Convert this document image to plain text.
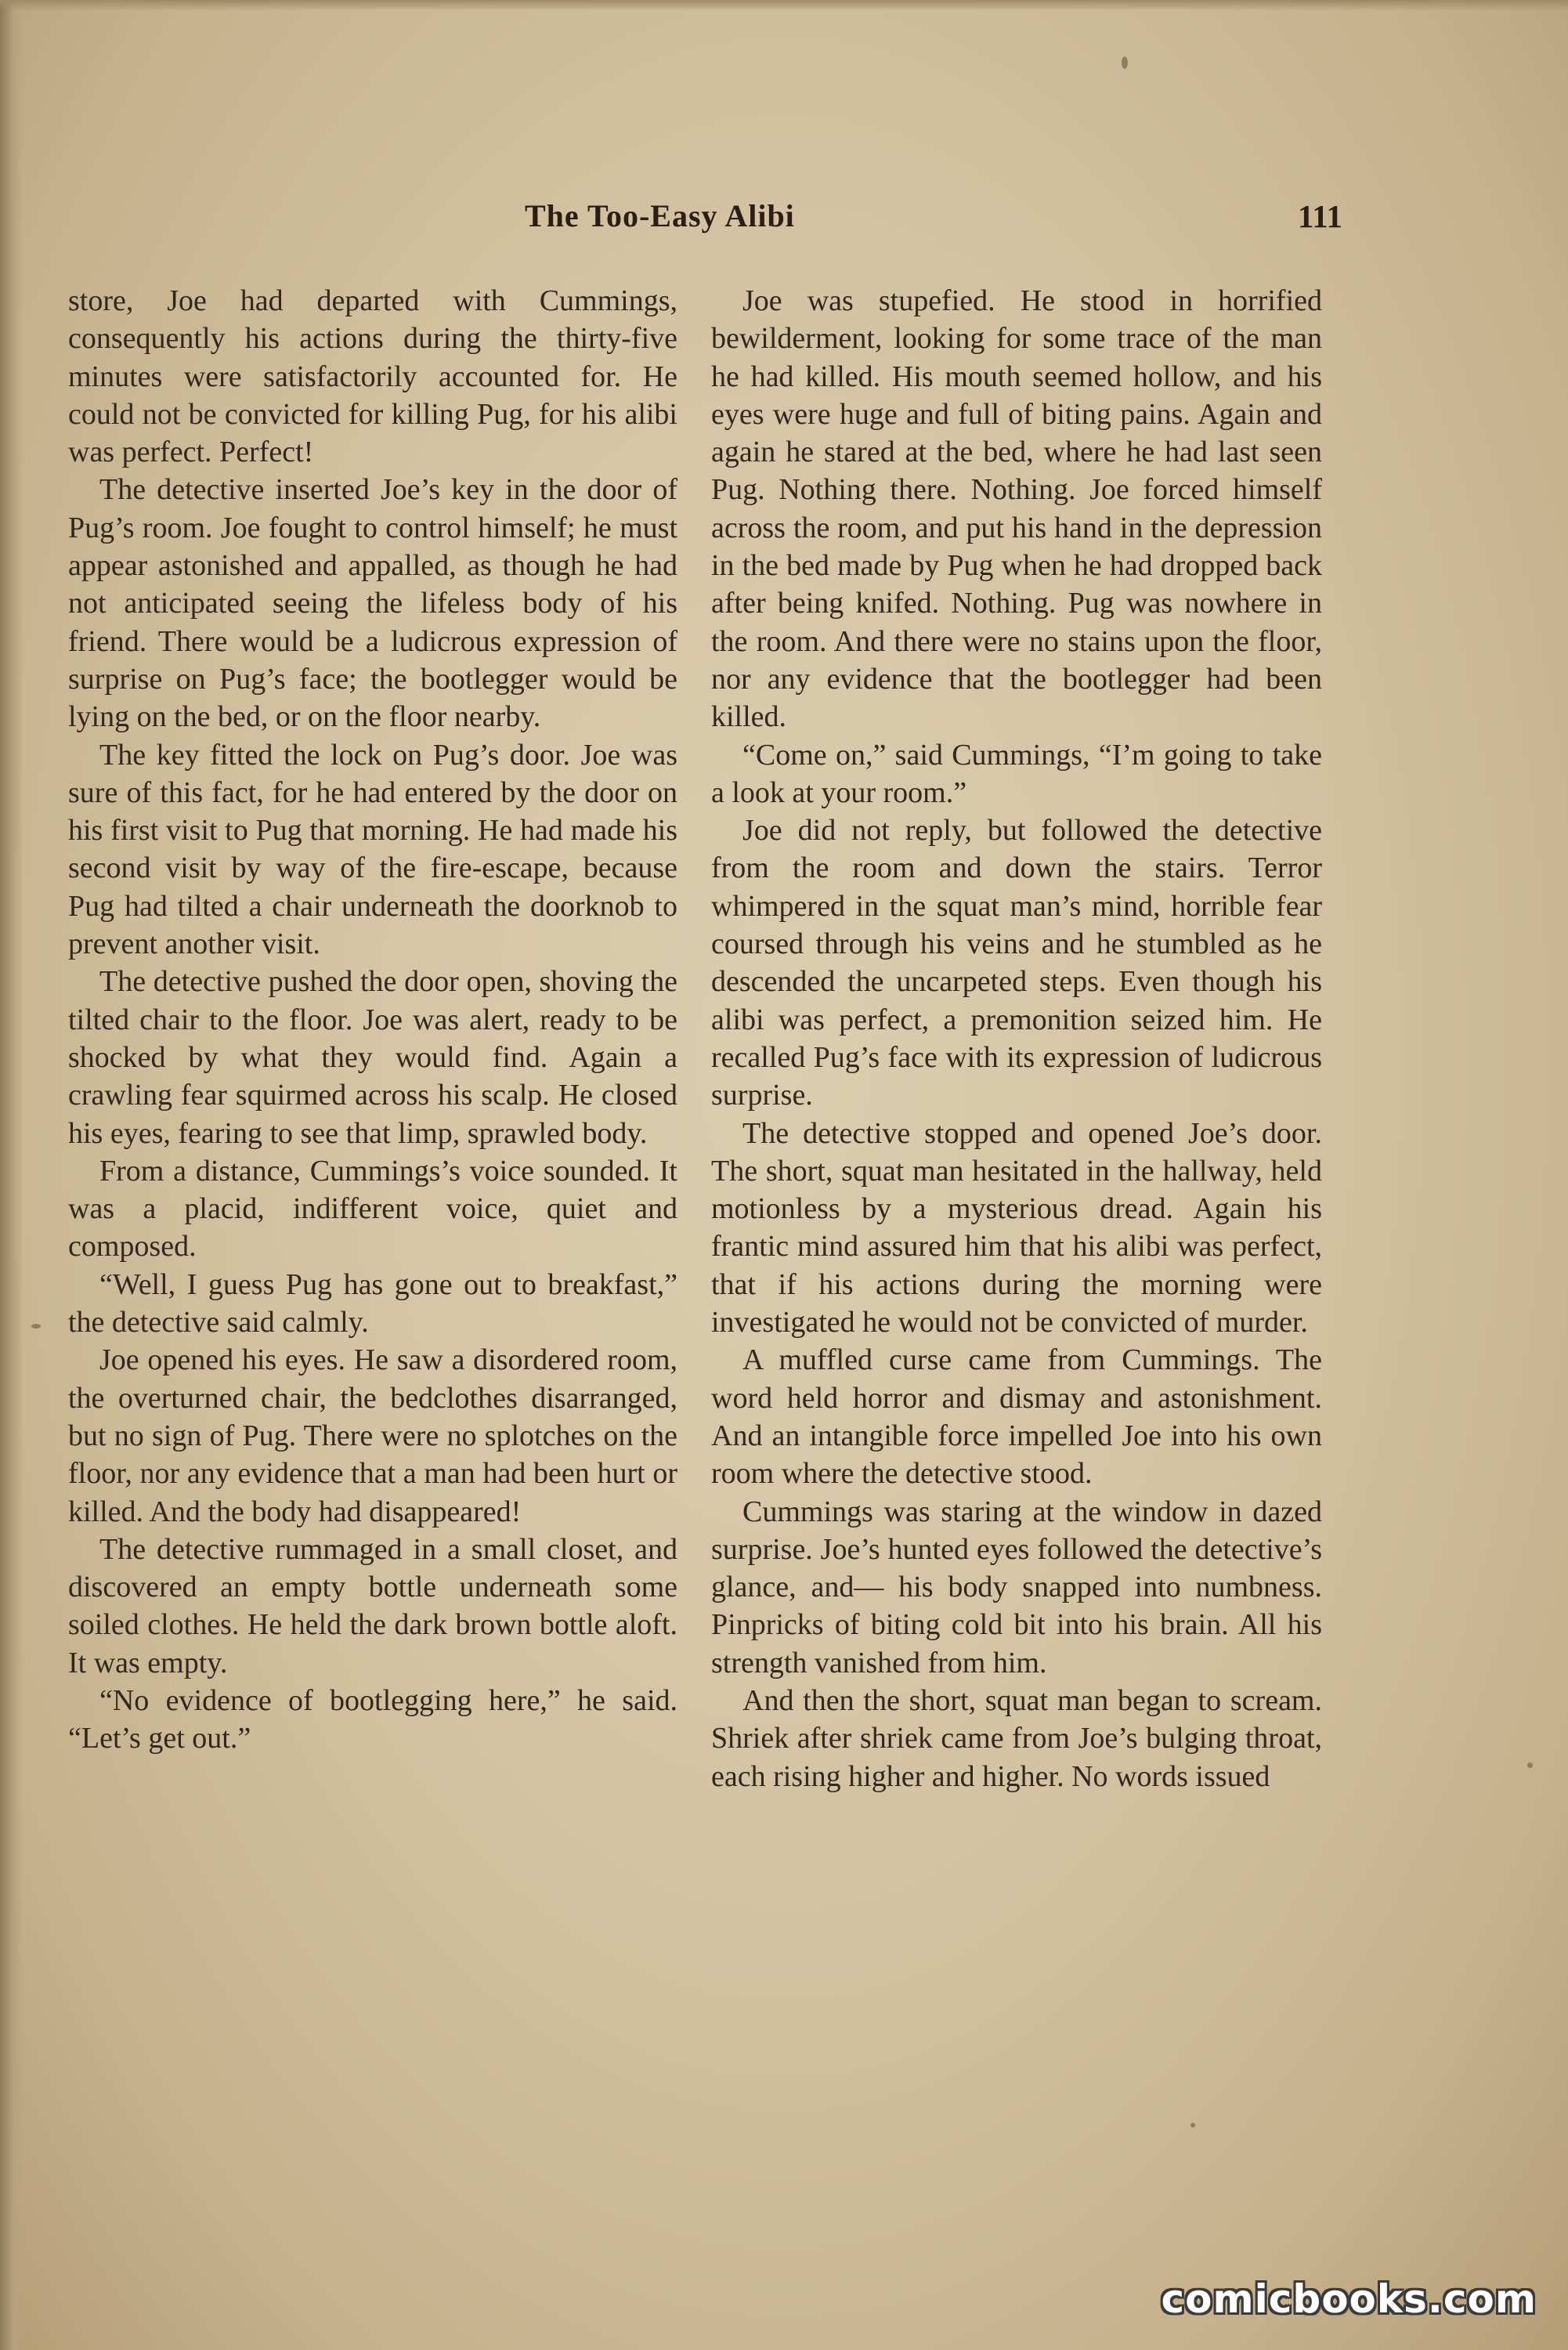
The Too-Easy Alibi	111

store, Joe had departed with Cummings, consequently his actions during the thirty-five minutes were satisfactorily accounted for. He could not be convicted for killing Pug, for his alibi was perfect. Perfect!

The detective inserted Joe’s key in the door of Pug’s room. Joe fought to control himself; he must appear astonished and appalled, as though he had not anticipated seeing the lifeless body of his friend. There would be a ludicrous expression of surprise on Pug’s face; the bootlegger would be lying on the bed, or on the floor nearby.

The key fitted the lock on Pug’s door. Joe was sure of this fact, for he had entered by the door on his first visit to Pug that morning. He had made his second visit by way of the fire-escape, because Pug had tilted a chair underneath the doorknob to prevent another visit.

The detective pushed the door open, shoving the tilted chair to the floor. Joe was alert, ready to be shocked by what they would find. Again a crawling fear squirmed across his scalp. He closed his eyes, fearing to see that limp, sprawled body.

From a distance, Cummings’s voice sounded. It was a placid, indifferent voice, quiet and composed.

“Well, I guess Pug has gone out to breakfast,” the detective said calmly.

Joe opened his eyes. He saw a disordered room, the overturned chair, the bedclothes disarranged, but no sign of Pug. There were no splotches on the floor, nor any evidence that a man had been hurt or killed. And the body had disappeared!

The detective rummaged in a small closet, and discovered an empty bottle underneath some soiled clothes. He held the dark brown bottle aloft. It was empty.

“No evidence of bootlegging here,” he said. “Let’s get out.”

Joe was stupefied. He stood in horrified bewilderment, looking for some trace of the man he had killed. His mouth seemed hollow, and his eyes were huge and full of biting pains. Again and again he stared at the bed, where he had last seen Pug. Nothing there. Nothing. Joe forced himself across the room, and put his hand in the depression in the bed made by Pug when he had dropped back after being knifed. Nothing. Pug was nowhere in the room. And there were no stains upon the floor, nor any evidence that the bootlegger had been killed.

“Come on,” said Cummings, “I’m going to take a look at your room.”

Joe did not reply, but followed the detective from the room and down the stairs. Terror whimpered in the squat man’s mind, horrible fear coursed through his veins and he stumbled as he descended the uncarpeted steps. Even though his alibi was perfect, a premonition seized him. He recalled Pug’s face with its expression of ludicrous surprise.

The detective stopped and opened Joe’s door. The short, squat man hesitated in the hallway, held motionless by a mysterious dread. Again his frantic mind assured him that his alibi was perfect, that if his actions during the morning were investigated he would not be convicted of murder.

A muffled curse came from Cummings. The word held horror and dismay and astonishment. And an intangible force impelled Joe into his own room where the detective stood.

Cummings was staring at the window in dazed surprise. Joe’s hunted eyes followed the detective’s glance, and— his body snapped into numbness. Pinpricks of biting cold bit into his brain. All his strength vanished from him.

And then the short, squat man began to scream. Shriek after shriek came from Joe’s bulging throat, each rising higher and higher. No words issued

comicbooks.com
